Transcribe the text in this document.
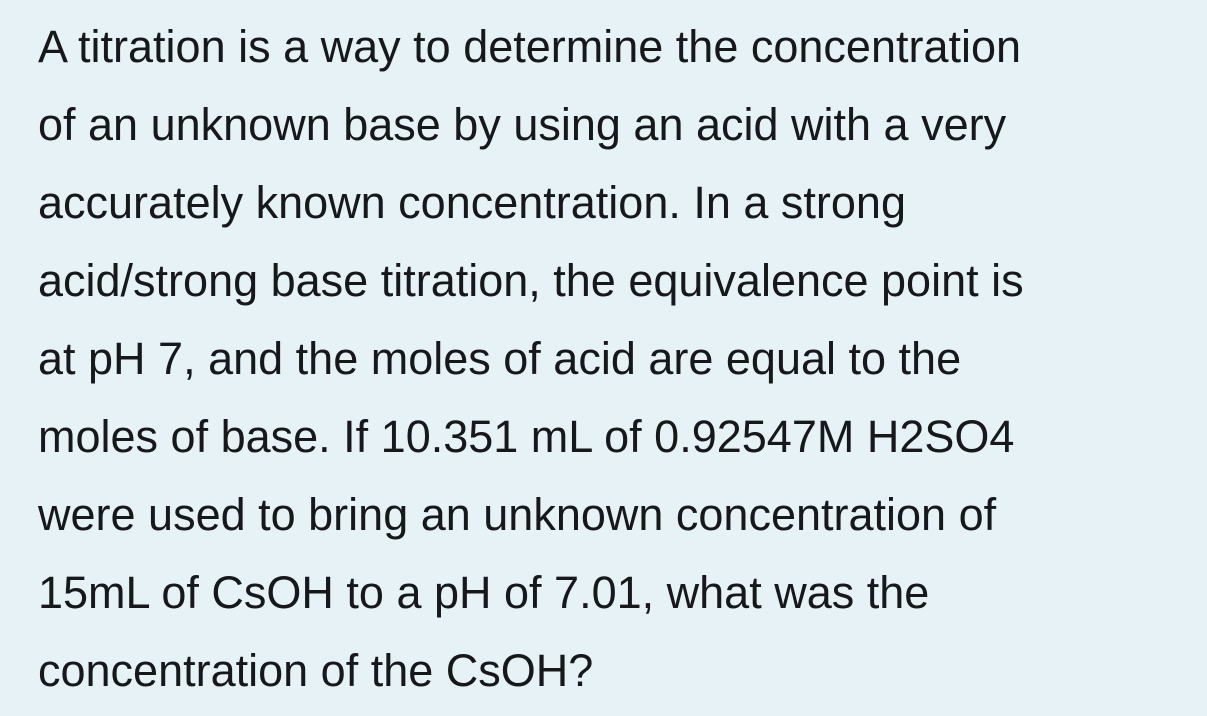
A titration is a way to determine the concentration
of an unknown base by using an acid with a very
accurately known concentration. In a strong
acid/strong base titration, the equivalence point is
at pH 7, and the moles of acid are equal to the
moles of base. If 10.351 mL of 0.92547M H2SO4
were used to bring an unknown concentration of
15mL of CsOH to a pH of 7.01, what was the
concentration of the CsOH?
